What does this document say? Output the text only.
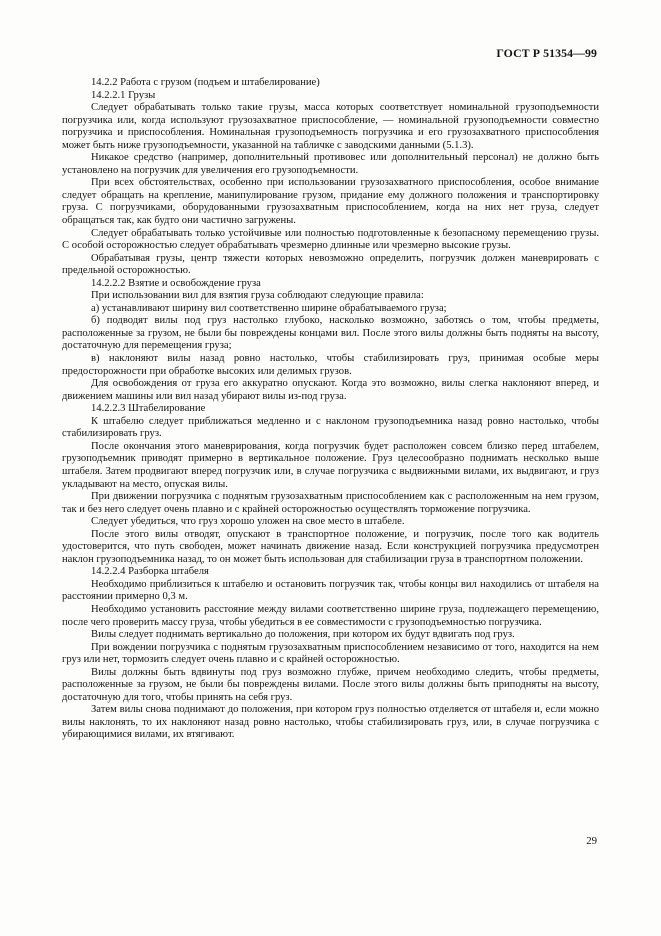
ГОСТ Р 51354—99
14.2.2 Работа с грузом (подъем и штабелирование)
14.2.2.1 Грузы

Следует обрабатывать только такие грузы, масса которых соответствует номинальной грузоподъемности погрузчика или, когда используют грузозахватное приспособление, — номинальной грузоподъемности совместно погрузчика и приспособления. Номинальная грузоподъемность погрузчика и его грузозахватного приспособления может быть ниже грузоподъемности, указанной на табличке с заводскими данными (5.1.3).

Никакое средство (например, дополнительный противовес или дополнительный персонал) не должно быть установлено на погрузчик для увеличения его грузоподъемности.

При всех обстоятельствах, особенно при использовании грузозахватного приспособления, особое внимание следует обращать на крепление, манипулирование грузом, придание ему должного положения и транспортировку груза. С погрузчиками, оборудованными грузозахватным приспособлением, когда на них нет груза, следует обращаться так, как будто они частично загружены.

Следует обрабатывать только устойчивые или полностью подготовленные к безопасному перемещению грузы. С особой осторожностью следует обрабатывать чрезмерно длинные или чрезмерно высокие грузы.

Обрабатывая грузы, центр тяжести которых невозможно определить, погрузчик должен маневрировать с предельной осторожностью.

14.2.2.2 Взятие и освобождение груза

При использовании вил для взятия груза соблюдают следующие правила:

а) устанавливают ширину вил соответственно ширине обрабатываемого груза;

б) подводят вилы под груз настолько глубоко, насколько возможно, заботясь о том, чтобы предметы, расположенные за грузом, не были бы повреждены концами вил. После этого вилы должны быть подняты на высоту, достаточную для перемещения груза;

в) наклоняют вилы назад ровно настолько, чтобы стабилизировать груз, принимая особые меры предосторожности при обработке высоких или делимых грузов.

Для освобождения от груза его аккуратно опускают. Когда это возможно, вилы слегка наклоняют вперед, и движением машины или вил назад убирают вилы из-под груза.

14.2.2.3 Штабелирование

К штабелю следует приближаться медленно и с наклоном грузоподъемника назад ровно настолько, чтобы стабилизировать груз.

После окончания этого маневрирования, когда погрузчик будет расположен совсем близко перед штабелем, грузоподъемник приводят примерно в вертикальное положение. Груз целесообразно поднимать несколько выше штабеля. Затем продвигают вперед погрузчик или, в случае погрузчика с выдвижными вилами, их выдвигают, и груз укладывают на место, опуская вилы.

При движении погрузчика с поднятым грузозахватным приспособлением как с расположенным на нем грузом, так и без него следует очень плавно и с крайней осторожностью осуществлять торможение погрузчика.

Следует убедиться, что груз хорошо уложен на свое место в штабеле.

После этого вилы отводят, опускают в транспортное положение, и погрузчик, после того как водитель удостоверится, что путь свободен, может начинать движение назад. Если конструкцией погрузчика предусмотрен наклон грузоподъемника назад, то он может быть использован для стабилизации груза в транспортном положении.

14.2.2.4 Разборка штабеля

Необходимо приблизиться к штабелю и остановить погрузчик так, чтобы концы вил находились от штабеля на расстоянии примерно 0,3 м.

Необходимо установить расстояние между вилами соответственно ширине груза, подлежащего перемещению, после чего проверить массу груза, чтобы убедиться в ее совместимости с грузоподъемностью погрузчика.

Вилы следует поднимать вертикально до положения, при котором их будут вдвигать под груз.

При вождении погрузчика с поднятым грузозахватным приспособлением независимо от того, находится на нем груз или нет, тормозить следует очень плавно и с крайней осторожностью.

Вилы должны быть вдвинуты под груз возможно глубже, причем необходимо следить, чтобы предметы, расположенные за грузом, не были бы повреждены вилами. После этого вилы должны быть приподняты на высоту, достаточную для того, чтобы принять на себя груз.

Затем вилы снова поднимают до положения, при котором груз полностью отделяется от штабеля и, если можно вилы наклонять, то их наклоняют назад ровно настолько, чтобы стабилизировать груз, или, в случае погрузчика с убирающимися вилами, их втягивают.

29
